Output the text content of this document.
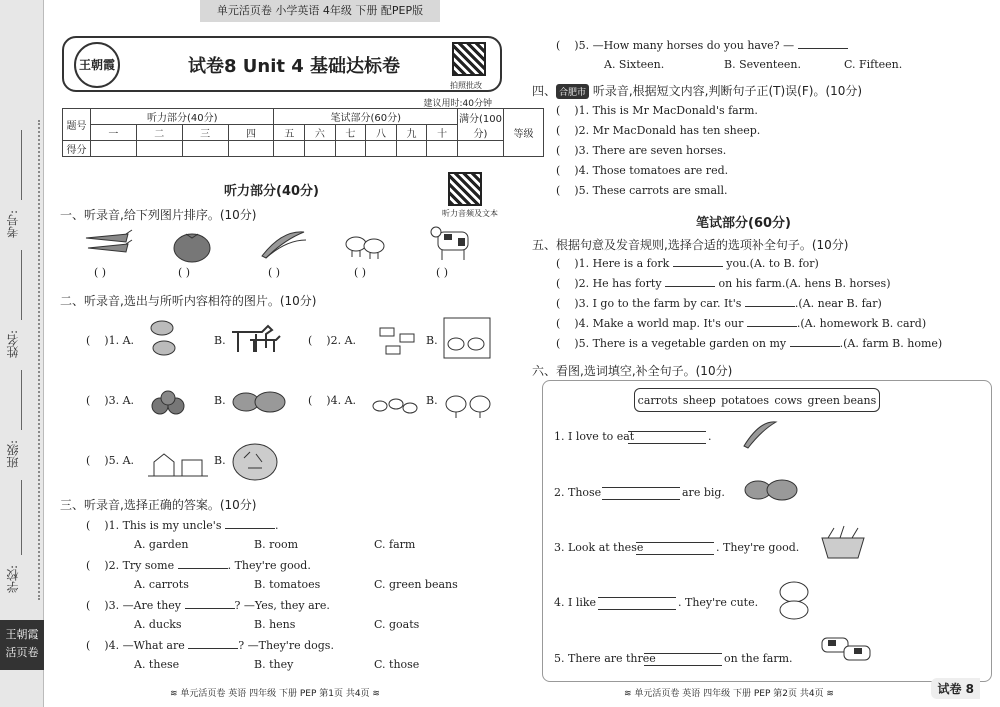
考号:
姓名:
班级:
学校:
王朝霞 活页卷
单元活页卷 小学英语 4年级 下册 配PEP版
王朝霞	试卷8 Unit 4 基础达标卷
拍照批改
建议用时:40分钟
题号	听力部分(40分)				笔试部分(60分)						满分(100分)	等级
	一	二	三	四	五	六	七	八	九	十		
得分												
听力部分(40分)
听力音频及文本
一、听录音,给下列图片排序。(10分)
( )	( )	( )	( )	( )
二、听录音,选出与所听内容相符的图片。(10分)
(    )1. A.	B.	(    )2. A.	B.
(    )3. A.	B.	(    )4. A.	B.
(    )5. A.	B.
三、听录音,选择正确的答案。(10分)
(    )1. This is my uncle's	.
A. garden	B. room	C. farm
(    )2. Try some	. They're good.
A. carrots	B. tomatoes	C. green beans
(    )3. —Are they	? —Yes, they are.
A. ducks	B. hens	C. goats
(    )4. —What are	? —They're dogs.
A. these	B. they	C. those
≋ 单元活页卷 英语 四年级 下册 PEP 第1页 共4页 ≋
(    )5. —How many horses do you have? —
A. Sixteen.	B. Seventeen.	C. Fifteen.
四、 合肥市 听录音,根据短文内容,判断句子正(T)误(F)。(10分)
(    )1. This is Mr MacDonald's farm.
(    )2. Mr MacDonald has ten sheep.
(    )3. There are seven horses.
(    )4. Those tomatoes are red.
(    )5. These carrots are small.
笔试部分(60分)
五、根据句意及发音规则,选择合适的选项补全句子。(10分)
(    )1. Here is a fork	you.(A. to B. for)
(    )2. He has forty	on his farm.(A. hens B. horses)
(    )3. I go to the farm by car. It's	.(A. near B. far)
(    )4. Make a world map. It's our	.(A. homework B. card)
(    )5. There is a vegetable garden on my	.(A. farm B. home)
六、看图,选词填空,补全句子。(10分)
carrots sheep potatoes cows green beans
1. I love to eat	.
2. Those	are big.
3. Look at these	. They're good.
4. I like	. They're cute.
5. There are three	on the farm.
≋ 单元活页卷 英语 四年级 下册 PEP 第2页 共4页 ≋	试卷 8
